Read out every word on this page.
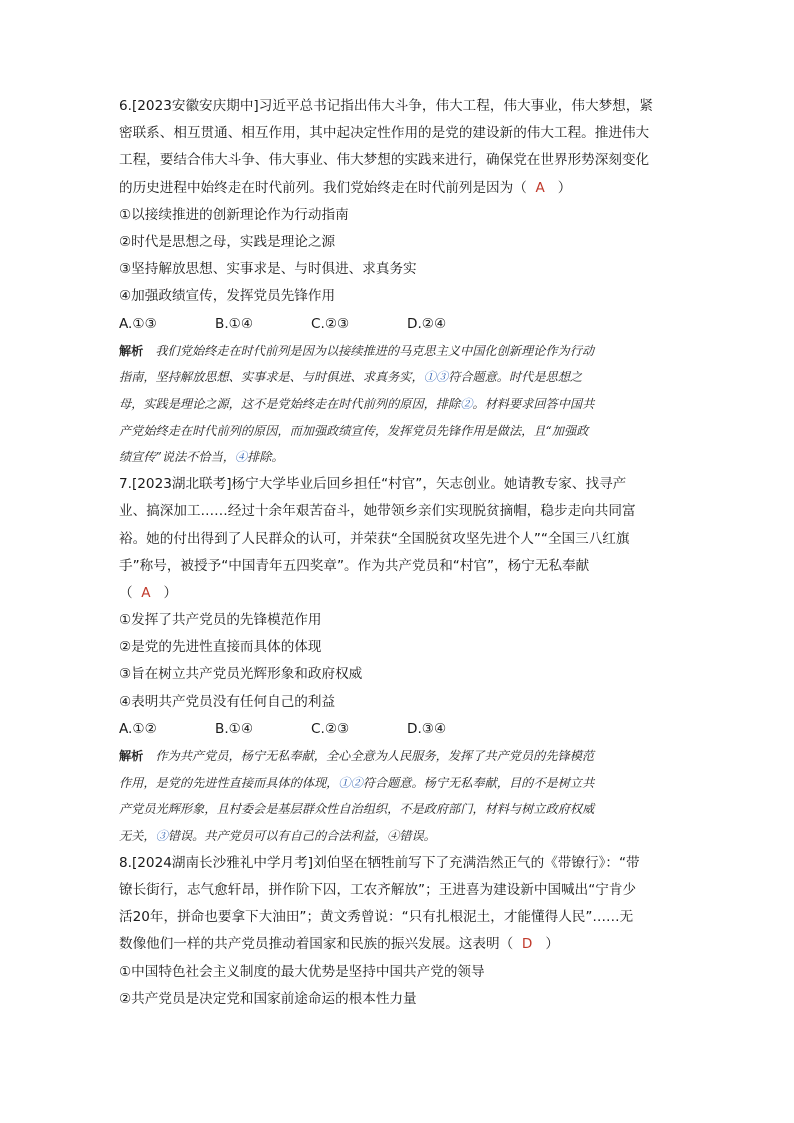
6.[2023安徽安庆期中]习近平总书记指出伟大斗争，伟大工程，伟大事业，伟大梦想，紧
密联系、相互贯通、相互作用，其中起决定性作用的是党的建设新的伟大工程。推进伟大
工程，要结合伟大斗争、伟大事业、伟大梦想的实践来进行，确保党在世界形势深刻变化
的历史进程中始终走在时代前列。我们党始终走在时代前列是因为（ A ）
①以接续推进的创新理论作为行动指南
②时代是思想之母，实践是理论之源
③坚持解放思想、实事求是、与时俱进、求真务实
④加强政绩宣传，发挥党员先锋作用
A.①③	B.①④	C.②③	D.②④
解析 我们党始终走在时代前列是因为以接续推进的马克思主义中国化创新理论作为行动
指南，坚持解放思想、实事求是、与时俱进、求真务实，①③符合题意。时代是思想之
母，实践是理论之源，这不是党始终走在时代前列的原因，排除②。材料要求回答中国共
产党始终走在时代前列的原因，而加强政绩宣传，发挥党员先锋作用是做法，且“加强政
绩宣传”说法不恰当，④排除。
7.[2023湖北联考]杨宁大学毕业后回乡担任“村官”，矢志创业。她请教专家、找寻产
业、搞深加工……经过十余年艰苦奋斗，她带领乡亲们实现脱贫摘帽，稳步走向共同富
裕。她的付出得到了人民群众的认可，并荣获“全国脱贫攻坚先进个人”“全国三八红旗
手”称号，被授予“中国青年五四奖章”。作为共产党员和“村官”，杨宁无私奉献
（ A ）
①发挥了共产党员的先锋模范作用
②是党的先进性直接而具体的体现
③旨在树立共产党员光辉形象和政府权威
④表明共产党员没有任何自己的利益
A.①②	B.①④	C.②③	D.③④
解析 作为共产党员，杨宁无私奉献，全心全意为人民服务，发挥了共产党员的先锋模范
作用，是党的先进性直接而具体的体现，①②符合题意。杨宁无私奉献，目的不是树立共
产党员光辉形象，且村委会是基层群众性自治组织，不是政府部门，材料与树立政府权威
无关，③错误。共产党员可以有自己的合法利益，④错误。
8.[2024湖南长沙雅礼中学月考]刘伯坚在牺牲前写下了充满浩然正气的《带镣行》：“带
镣长街行，志气愈轩昂，拼作阶下囚，工农齐解放”；王进喜为建设新中国喊出“宁肯少
活20年，拼命也要拿下大油田”；黄文秀曾说：“只有扎根泥土，才能懂得人民”……无
数像他们一样的共产党员推动着国家和民族的振兴发展。这表明（ D ）
①中国特色社会主义制度的最大优势是坚持中国共产党的领导
②共产党员是决定党和国家前途命运的根本性力量
